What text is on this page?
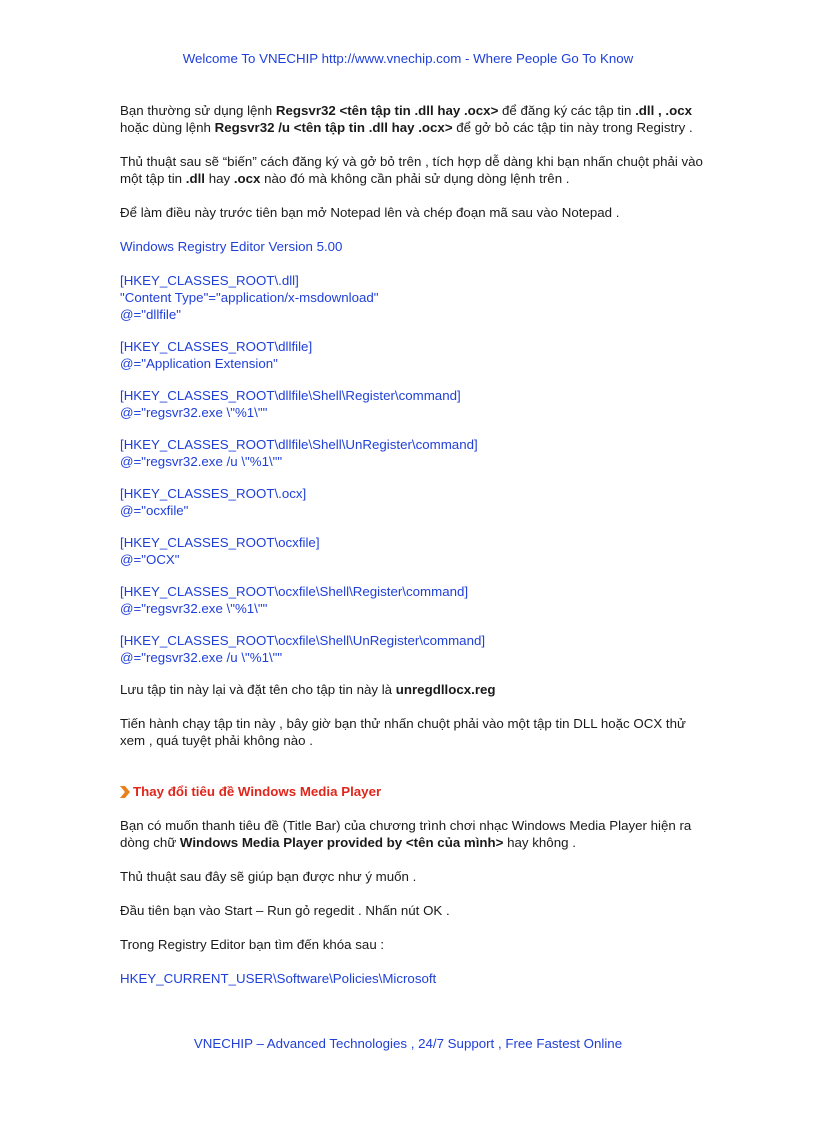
Welcome To VNECHIP http://www.vnechip.com - Where People Go To Know

Bạn thường sử dụng lệnh Regsvr32 <tên tập tin .dll hay .ocx> để đăng ký các tập tin .dll , .ocx hoặc dùng lệnh Regsvr32 /u <tên tập tin .dll hay .ocx> để gở bỏ các tập tin này trong Registry .

Thủ thuật sau sẽ “biến” cách đăng ký và gở bỏ trên , tích hợp dễ dàng khi bạn nhấn chuột phải vào một tập tin .dll hay .ocx nào đó mà không cần phải sử dụng dòng lệnh trên .

Để làm điều này trước tiên bạn mở Notepad lên và chép đoạn mã sau vào Notepad .

Windows Registry Editor Version 5.00

[HKEY_CLASSES_ROOT\.dll]

"Content Type"="application/x-msdownload"

@="dllfile"

[HKEY_CLASSES_ROOT\dllfile]

@="Application Extension"

[HKEY_CLASSES_ROOT\dllfile\Shell\Register\command]

@="regsvr32.exe \"%1\""

[HKEY_CLASSES_ROOT\dllfile\Shell\UnRegister\command]

@="regsvr32.exe /u \"%1\""

[HKEY_CLASSES_ROOT\.ocx]

@="ocxfile"

[HKEY_CLASSES_ROOT\ocxfile]

@="OCX"

[HKEY_CLASSES_ROOT\ocxfile\Shell\Register\command]

@="regsvr32.exe \"%1\""

[HKEY_CLASSES_ROOT\ocxfile\Shell\UnRegister\command]

@="regsvr32.exe /u \"%1\""

Lưu tập tin này lại và đặt tên cho tập tin này là unregdllocx.reg

Tiến hành chạy tập tin này , bây giờ bạn thử nhấn chuột phải vào một tập tin DLL hoặc OCX thử xem , quá tuyệt phải không nào .

Thay đổi tiêu đề Windows Media Player

Bạn có muốn thanh tiêu đề (Title Bar) của chương trình chơi nhạc Windows Media Player hiện ra dòng chữ Windows Media Player provided by <tên của mình> hay không .

Thủ thuật sau đây sẽ giúp bạn được như ý muốn .

Đầu tiên bạn vào Start – Run gỏ regedit . Nhấn nút OK .

Trong Registry Editor bạn tìm đến khóa sau :

HKEY_CURRENT_USER\Software\Policies\Microsoft

VNECHIP – Advanced Technologies , 24/7 Support , Free Fastest Online
